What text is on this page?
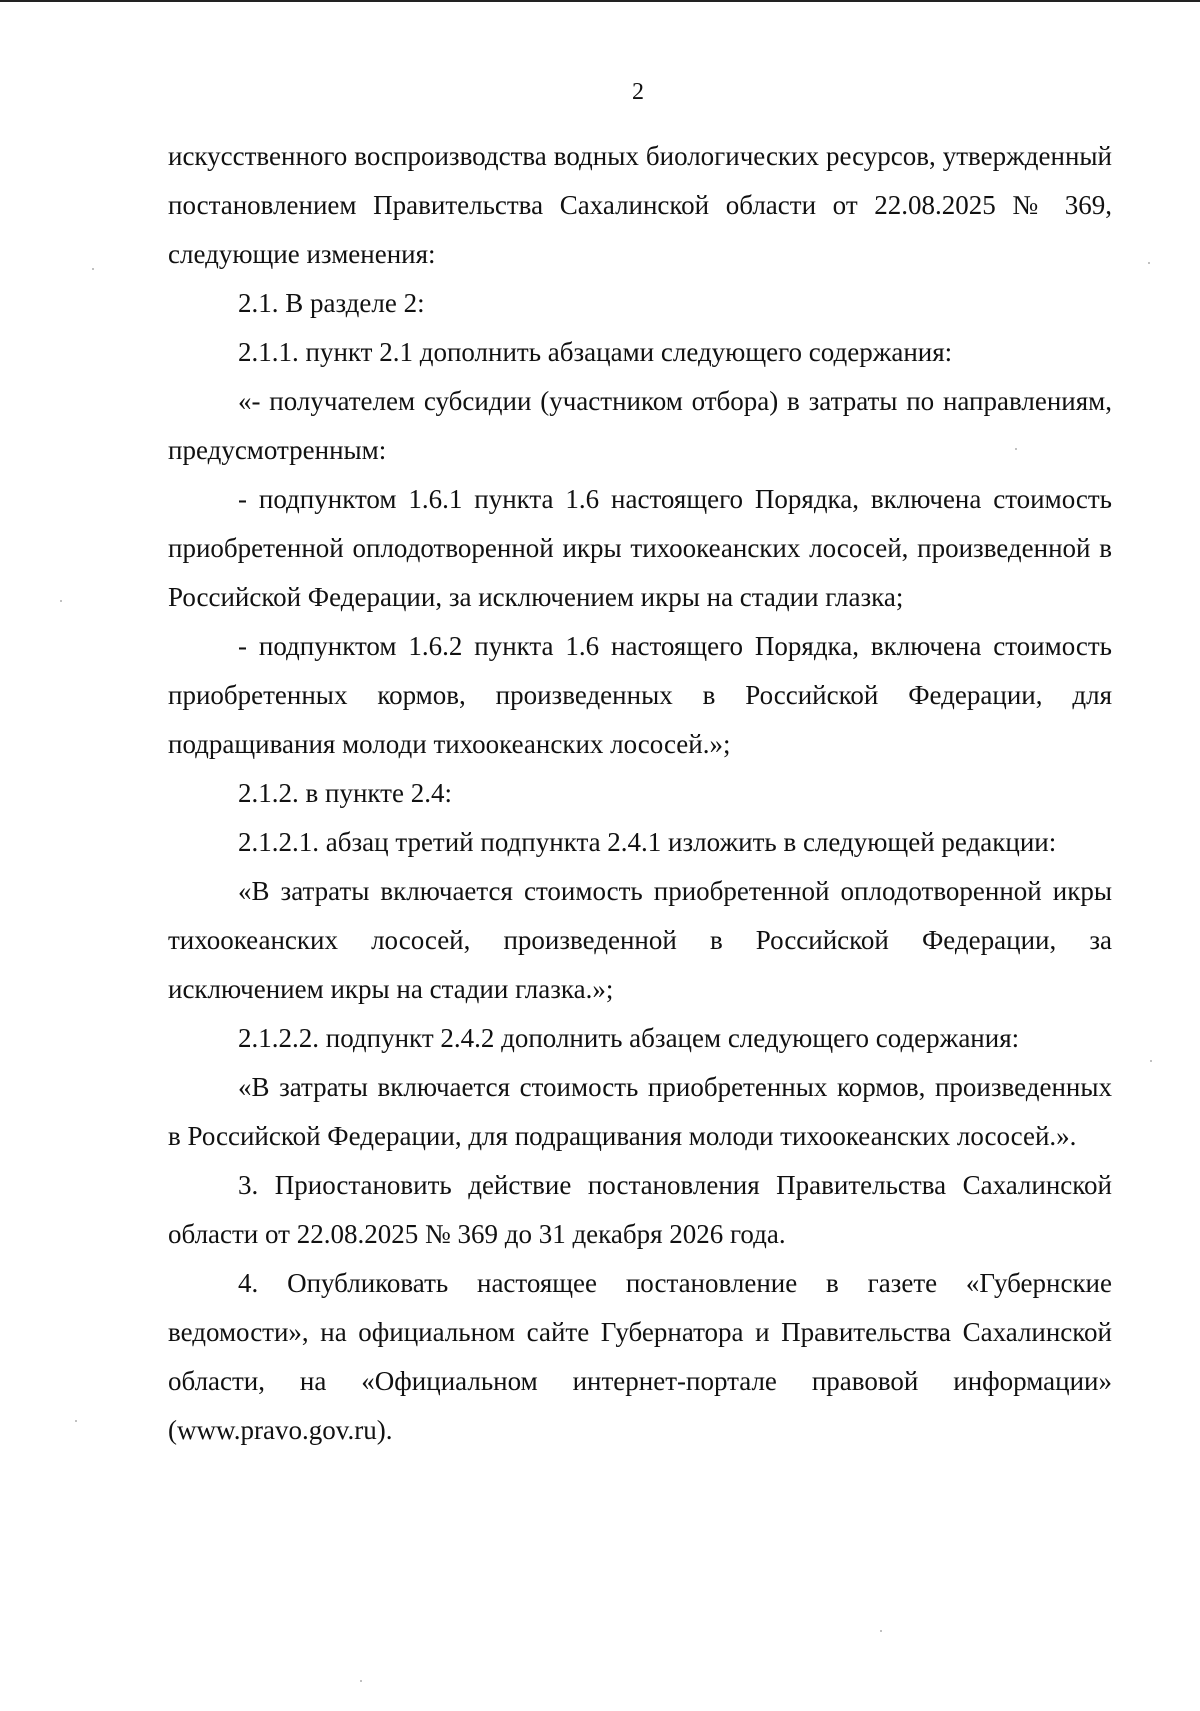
2

искусственного воспроизводства водных биологических ресурсов, утвержденный постановлением Правительства Сахалинской области от 22.08.2025 № 369, следующие изменения:

2.1. В разделе 2:

2.1.1. пункт 2.1 дополнить абзацами следующего содержания:

«- получателем субсидии (участником отбора) в затраты по направлениям, предусмотренным:

- подпунктом 1.6.1 пункта 1.6 настоящего Порядка, включена стоимость приобретенной оплодотворенной икры тихоокеанских лососей, произведенной в Российской Федерации, за исключением икры на стадии глазка;

- подпунктом 1.6.2 пункта 1.6 настоящего Порядка, включена стоимость приобретенных кормов, произведенных в Российской Федерации, для подращивания молоди тихоокеанских лососей.»;

2.1.2. в пункте 2.4:

2.1.2.1. абзац третий подпункта 2.4.1 изложить в следующей редакции:

«В затраты включается стоимость приобретенной оплодотворенной икры тихоокеанских лососей, произведенной в Российской Федерации, за исключением икры на стадии глазка.»;

2.1.2.2. подпункт 2.4.2 дополнить абзацем следующего содержания:

«В затраты включается стоимость приобретенных кормов, произведенных в Российской Федерации, для подращивания молоди тихоокеанских лососей.».

3. Приостановить действие постановления Правительства Сахалинской области от 22.08.2025 № 369 до 31 декабря 2026 года.

4. Опубликовать настоящее постановление в газете «Губернские ведомости», на официальном сайте Губернатора и Правительства Сахалинской области, на «Официальном интернет-портале правовой информации» (www.pravo.gov.ru).
